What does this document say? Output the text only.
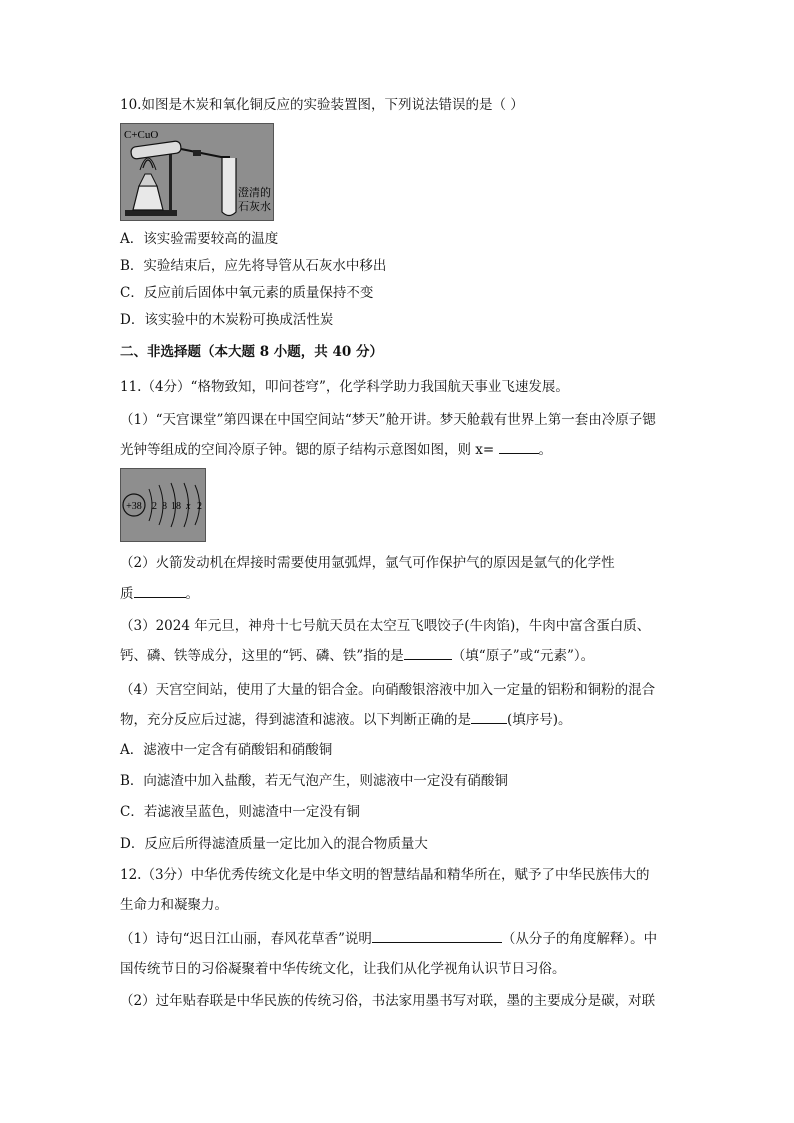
10.如图是木炭和氧化铜反应的实验装置图，下列说法错误的是（ ）
C+CuO
澄清的
石灰水
A．该实验需要较高的温度
B．实验结束后，应先将导管从石灰水中移出
C．反应前后固体中氧元素的质量保持不变
D．该实验中的木炭粉可换成活性炭
二、非选择题（本大题 8 小题，共 40 分）
11.（4分）“格物致知，叩问苍穹”，化学科学助力我国航天事业飞速发展。
（1）“天宫课堂”第四课在中国空间站“梦天”舱开讲。梦天舱载有世界上第一套由冷原子锶
光钟等组成的空间冷原子钟。锶的原子结构示意图如图，则 x=	。
+38 2 8 18 x 2
（2）火箭发动机在焊接时需要使用氩弧焊，氩气可作保护气的原因是氩气的化学性
质	。
（3）2024 年元旦，神舟十七号航天员在太空互飞喂饺子(牛肉馅)，牛肉中富含蛋白质、
钙、磷、铁等成分，这里的“钙、磷、铁”指的是	（填“原子”或“元素”）。
（4）天宫空间站，使用了大量的铝合金。向硝酸银溶液中加入一定量的铝粉和铜粉的混合
物，充分反应后过滤，得到滤渣和滤液。以下判断正确的是	(填序号)。
A．滤液中一定含有硝酸铝和硝酸铜
B．向滤渣中加入盐酸，若无气泡产生，则滤液中一定没有硝酸铜
C．若滤液呈蓝色，则滤渣中一定没有铜
D．反应后所得滤渣质量一定比加入的混合物质量大
12.（3分）中华优秀传统文化是中华文明的智慧结晶和精华所在，赋予了中华民族伟大的
生命力和凝聚力。
（1）诗句“迟日江山丽，春风花草香”说明	（从分子的角度解释）。中
国传统节日的习俗凝聚着中华传统文化，让我们从化学视角认识节日习俗。
（2）过年贴春联是中华民族的传统习俗，书法家用墨书写对联，墨的主要成分是碳，对联
